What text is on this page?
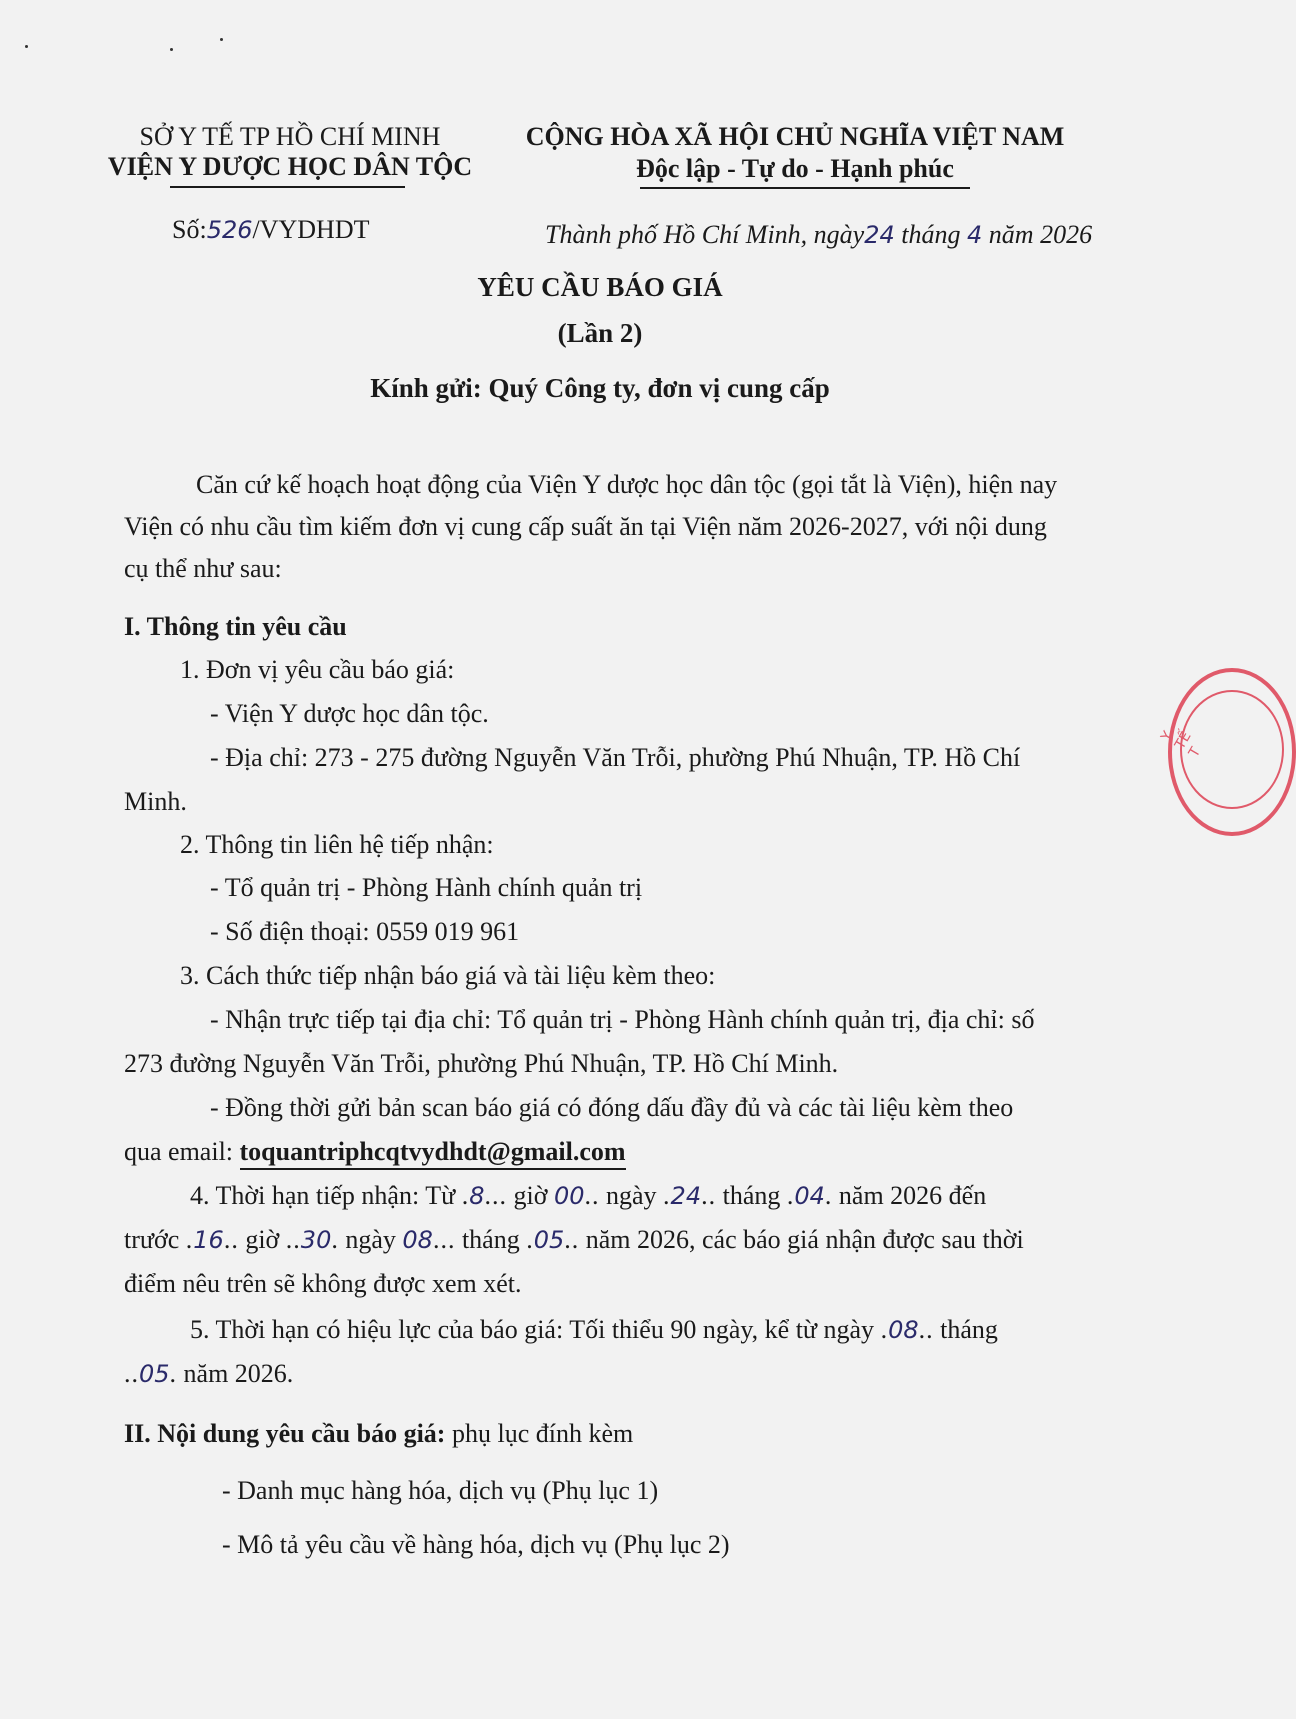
SỞ Y TẾ TP HỒ CHÍ MINH
VIỆN Y DƯỢC HỌC DÂN TỘC
CỘNG HÒA XÃ HỘI CHỦ NGHĨA VIỆT NAM
Độc lập - Tự do - Hạnh phúc
Số:526/VYDHDT	Thành phố Hồ Chí Minh, ngày24 tháng 4 năm 2026
YÊU CẦU BÁO GIÁ
(Lần 2)
Kính gửi: Quý Công ty, đơn vị cung cấp
Căn cứ kế hoạch hoạt động của Viện Y dược học dân tộc (gọi tắt là Viện), hiện nay
Viện có nhu cầu tìm kiếm đơn vị cung cấp suất ăn tại Viện năm 2026-2027, với nội dung
cụ thể như sau:
I. Thông tin yêu cầu
1. Đơn vị yêu cầu báo giá:
- Viện Y dược học dân tộc.
- Địa chỉ: 273 - 275 đường Nguyễn Văn Trỗi, phường Phú Nhuận, TP. Hồ Chí
Minh.
2. Thông tin liên hệ tiếp nhận:
- Tổ quản trị - Phòng Hành chính quản trị
- Số điện thoại: 0559 019 961
3. Cách thức tiếp nhận báo giá và tài liệu kèm theo:
- Nhận trực tiếp tại địa chỉ: Tổ quản trị - Phòng Hành chính quản trị, địa chỉ: số
273 đường Nguyễn Văn Trỗi, phường Phú Nhuận, TP. Hồ Chí Minh.
- Đồng thời gửi bản scan báo giá có đóng dấu đầy đủ và các tài liệu kèm theo
qua email: toquantriphcqtvydhdt@gmail.com
4. Thời hạn tiếp nhận: Từ .8... giờ 00.. ngày .24.. tháng .04. năm 2026 đến
trước .16.. giờ ..30. ngày 08... tháng .05.. năm 2026, các báo giá nhận được sau thời
điểm nêu trên sẽ không được xem xét.
5. Thời hạn có hiệu lực của báo giá: Tối thiểu 90 ngày, kể từ ngày .08.. tháng
..05. năm 2026.
II. Nội dung yêu cầu báo giá: phụ lục đính kèm
- Danh mục hàng hóa, dịch vụ (Phụ lục 1)
- Mô tả yêu cầu về hàng hóa, dịch vụ (Phụ lục 2)
Y TẾ T
